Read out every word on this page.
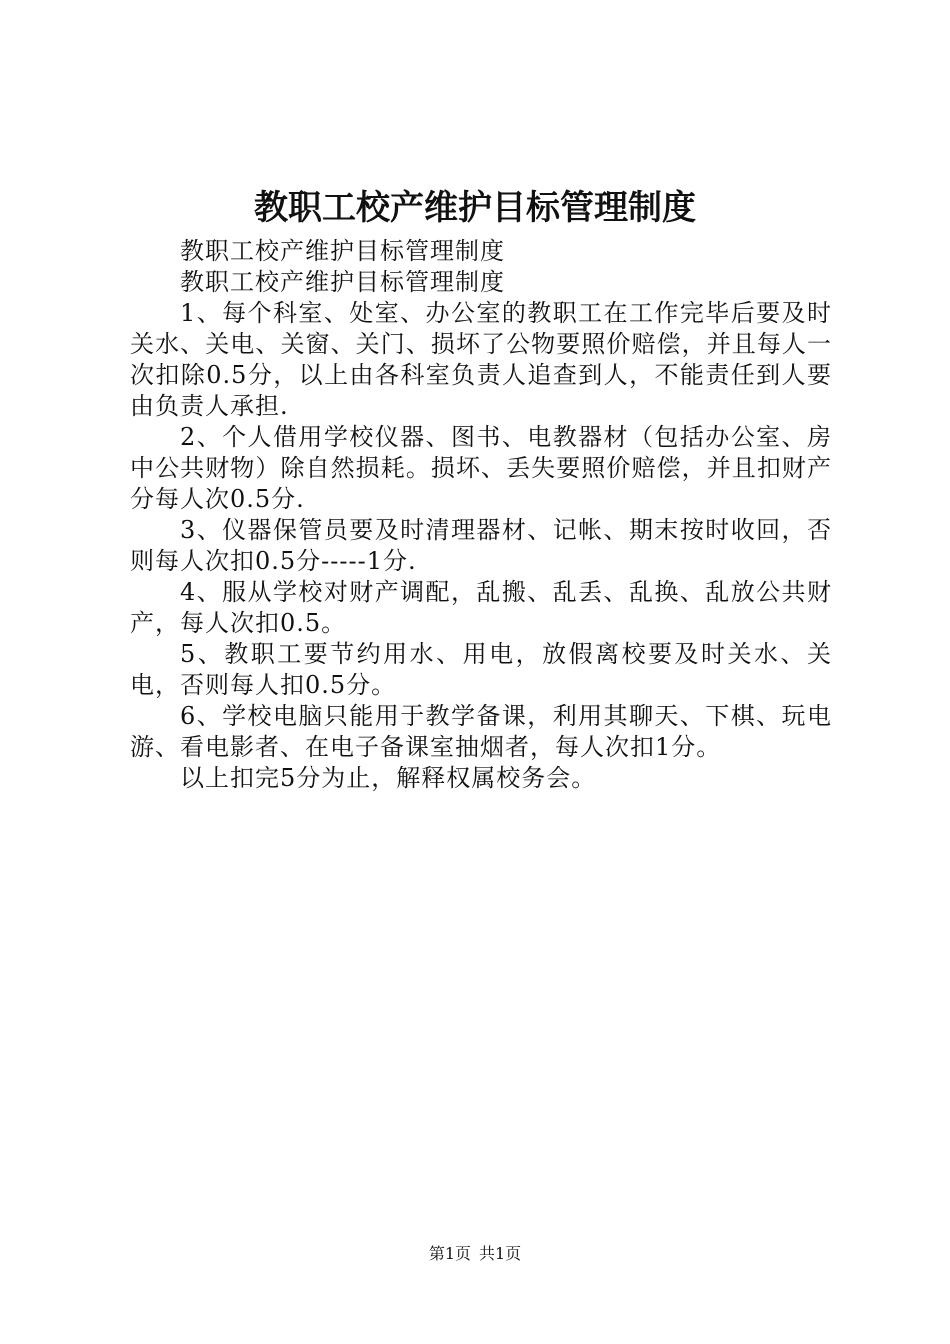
教职工校产维护目标管理制度

教职工校产维护目标管理制度

教职工校产维护目标管理制度

1、每个科室、处室、办公室的教职工在工作完毕后要及时关水、关电、关窗、关门、损坏了公物要照价赔偿，并且每人一次扣除0.5分，以上由各科室负责人追查到人，不能责任到人要由负责人承担.

2、个人借用学校仪器、图书、电教器材（包括办公室、房中公共财物）除自然损耗。损坏、丢失要照价赔偿，并且扣财产分每人次0.5分.

3、仪器保管员要及时清理器材、记帐、期末按时收回，否则每人次扣0.5分-----1分.

4、服从学校对财产调配，乱搬、乱丢、乱换、乱放公共财产，每人次扣0.5。

5、教职工要节约用水、用电，放假离校要及时关水、关电，否则每人扣0.5分。

6、学校电脑只能用于教学备课，利用其聊天、下棋、玩电游、看电影者、在电子备课室抽烟者，每人次扣1分。

以上扣完5分为止，解释权属校务会。

第1页 共1页
